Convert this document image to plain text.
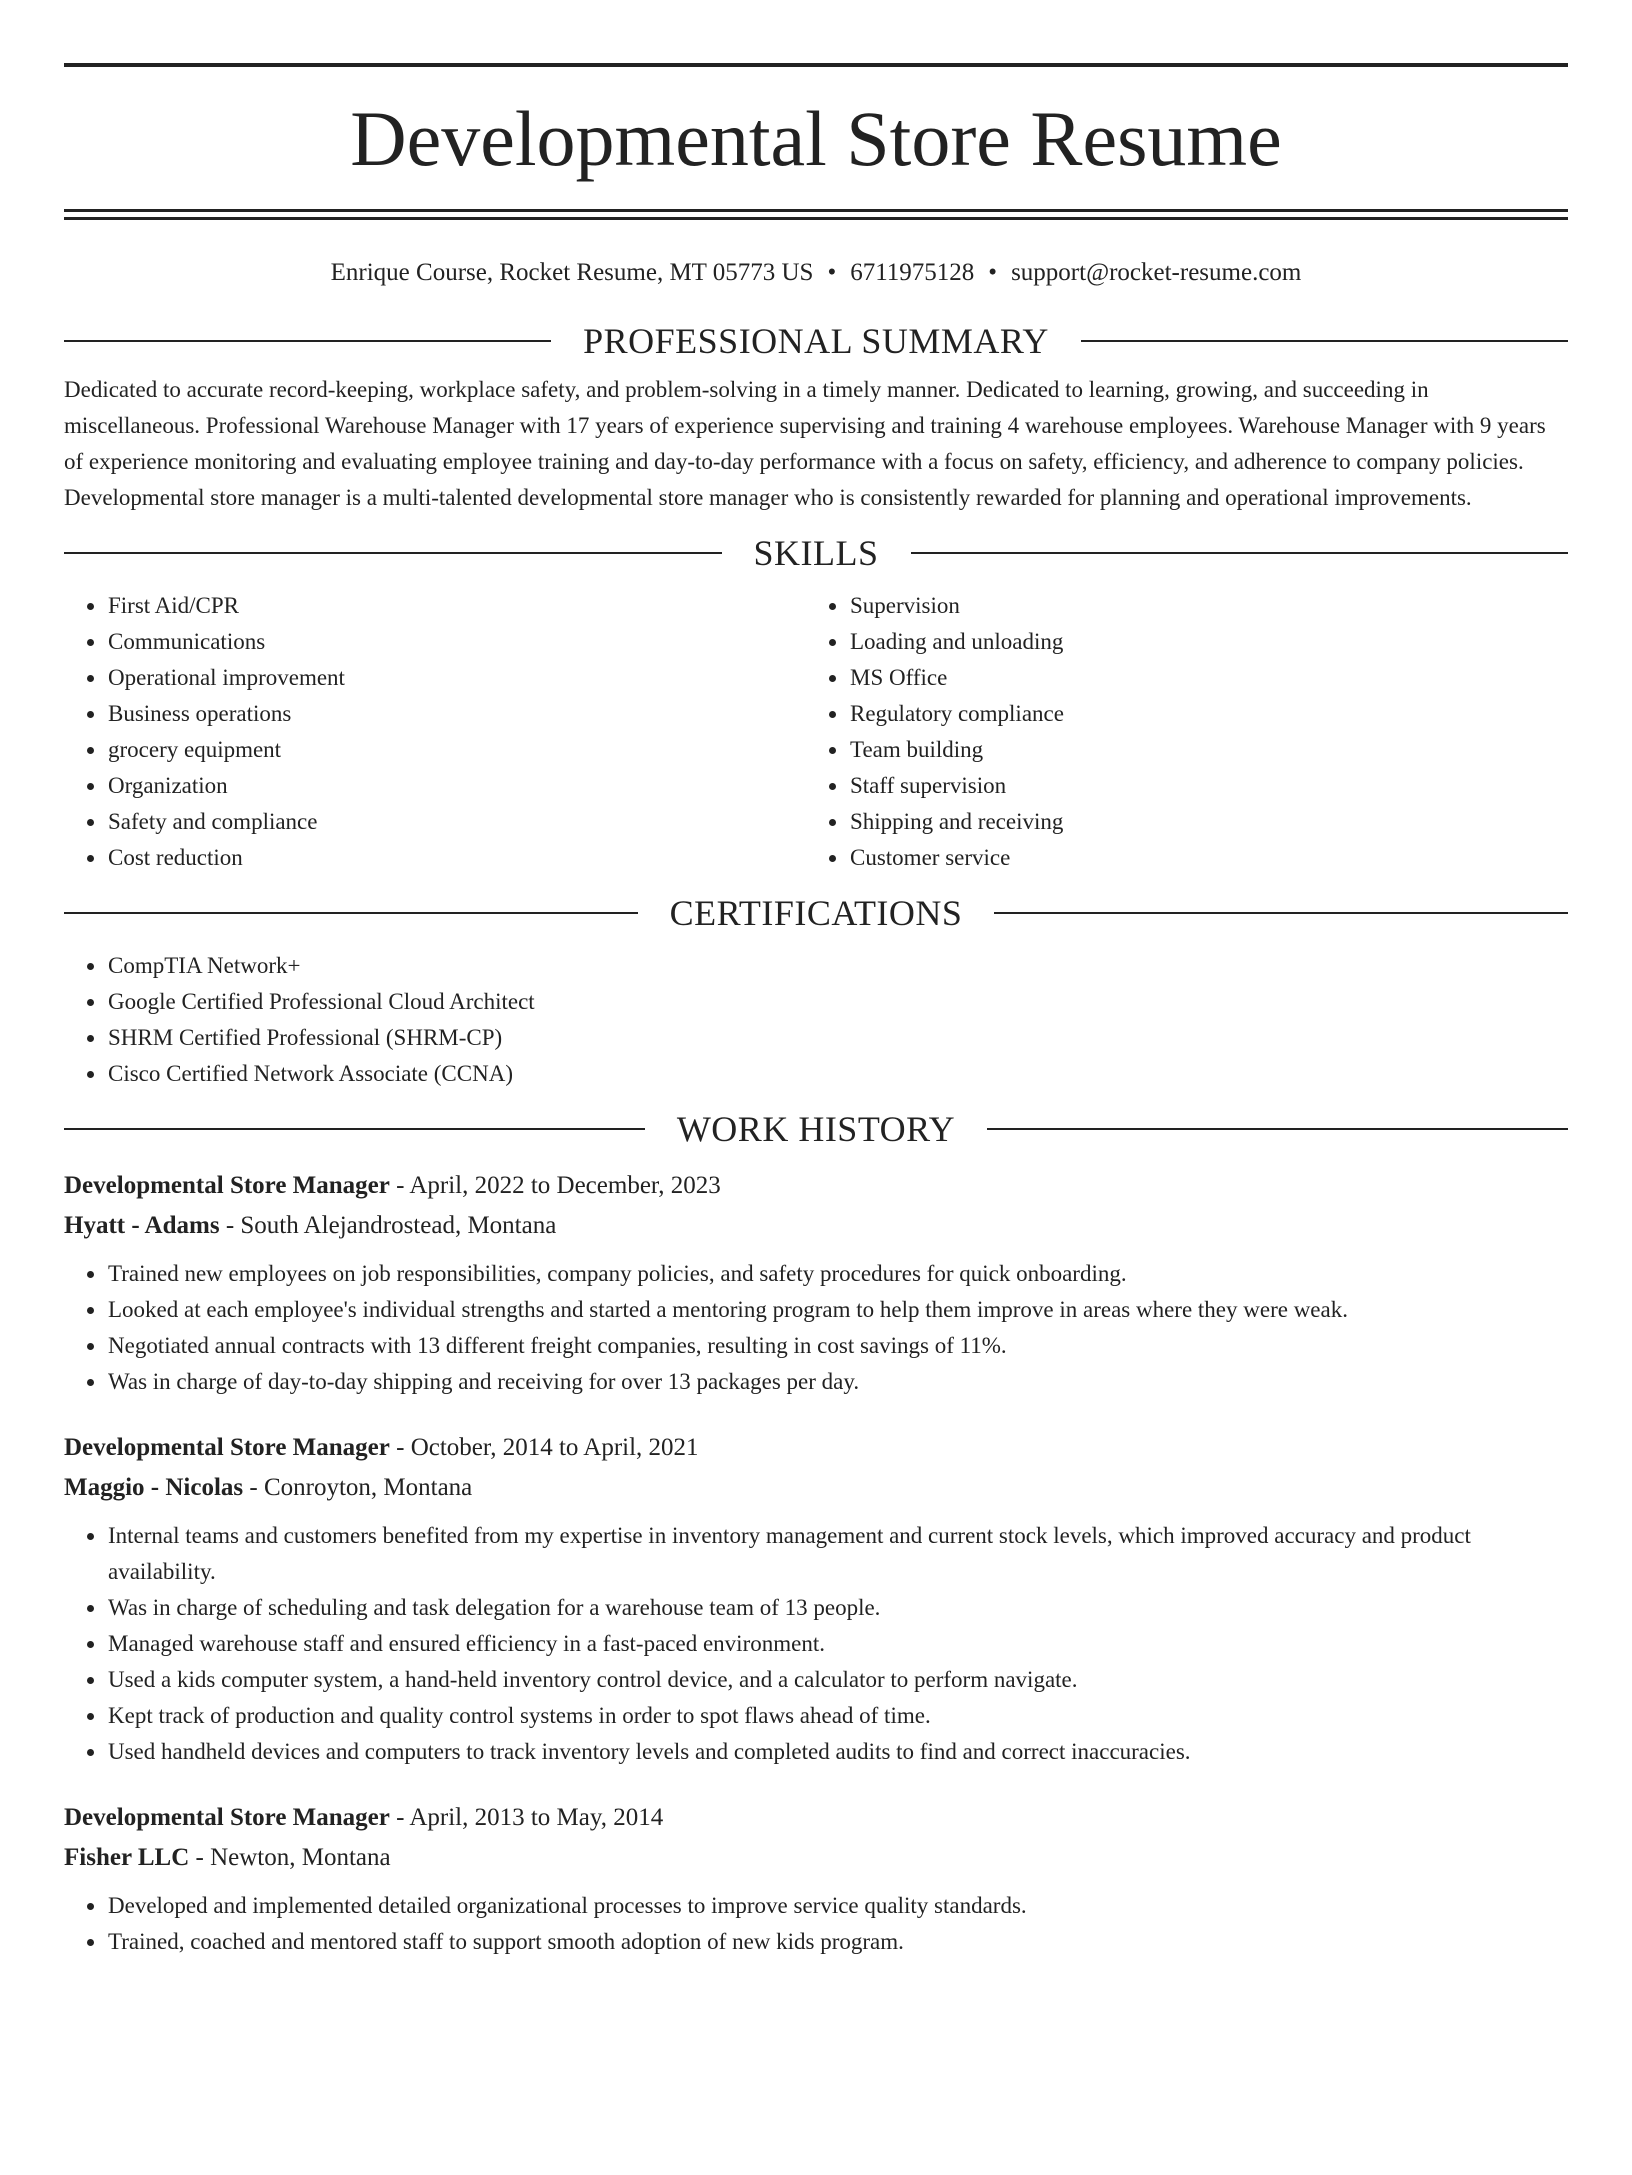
Developmental Store Resume
Enrique Course, Rocket Resume, MT 05773 US • 6711975128 • support@rocket-resume.com
PROFESSIONAL SUMMARY
Dedicated to accurate record-keeping, workplace safety, and problem-solving in a timely manner. Dedicated to learning, growing, and succeeding in miscellaneous. Professional Warehouse Manager with 17 years of experience supervising and training 4 warehouse employees. Warehouse Manager with 9 years of experience monitoring and evaluating employee training and day-to-day performance with a focus on safety, efficiency, and adherence to company policies. Developmental store manager is a multi-talented developmental store manager who is consistently rewarded for planning and operational improvements.
SKILLS
• First Aid/CPR
• Communications
• Operational improvement
• Business operations
• grocery equipment
• Organization
• Safety and compliance
• Cost reduction
• Supervision
• Loading and unloading
• MS Office
• Regulatory compliance
• Team building
• Staff supervision
• Shipping and receiving
• Customer service
CERTIFICATIONS
• CompTIA Network+
• Google Certified Professional Cloud Architect
• SHRM Certified Professional (SHRM-CP)
• Cisco Certified Network Associate (CCNA)
WORK HISTORY
Developmental Store Manager - April, 2022 to December, 2023
Hyatt - Adams - South Alejandrostead, Montana
• Trained new employees on job responsibilities, company policies, and safety procedures for quick onboarding.
• Looked at each employee's individual strengths and started a mentoring program to help them improve in areas where they were weak.
• Negotiated annual contracts with 13 different freight companies, resulting in cost savings of 11%.
• Was in charge of day-to-day shipping and receiving for over 13 packages per day.
Developmental Store Manager - October, 2014 to April, 2021
Maggio - Nicolas - Conroyton, Montana
• Internal teams and customers benefited from my expertise in inventory management and current stock levels, which improved accuracy and product availability.
• Was in charge of scheduling and task delegation for a warehouse team of 13 people.
• Managed warehouse staff and ensured efficiency in a fast-paced environment.
• Used a kids computer system, a hand-held inventory control device, and a calculator to perform navigate.
• Kept track of production and quality control systems in order to spot flaws ahead of time.
• Used handheld devices and computers to track inventory levels and completed audits to find and correct inaccuracies.
Developmental Store Manager - April, 2013 to May, 2014
Fisher LLC - Newton, Montana
• Developed and implemented detailed organizational processes to improve service quality standards.
• Trained, coached and mentored staff to support smooth adoption of new kids program.
